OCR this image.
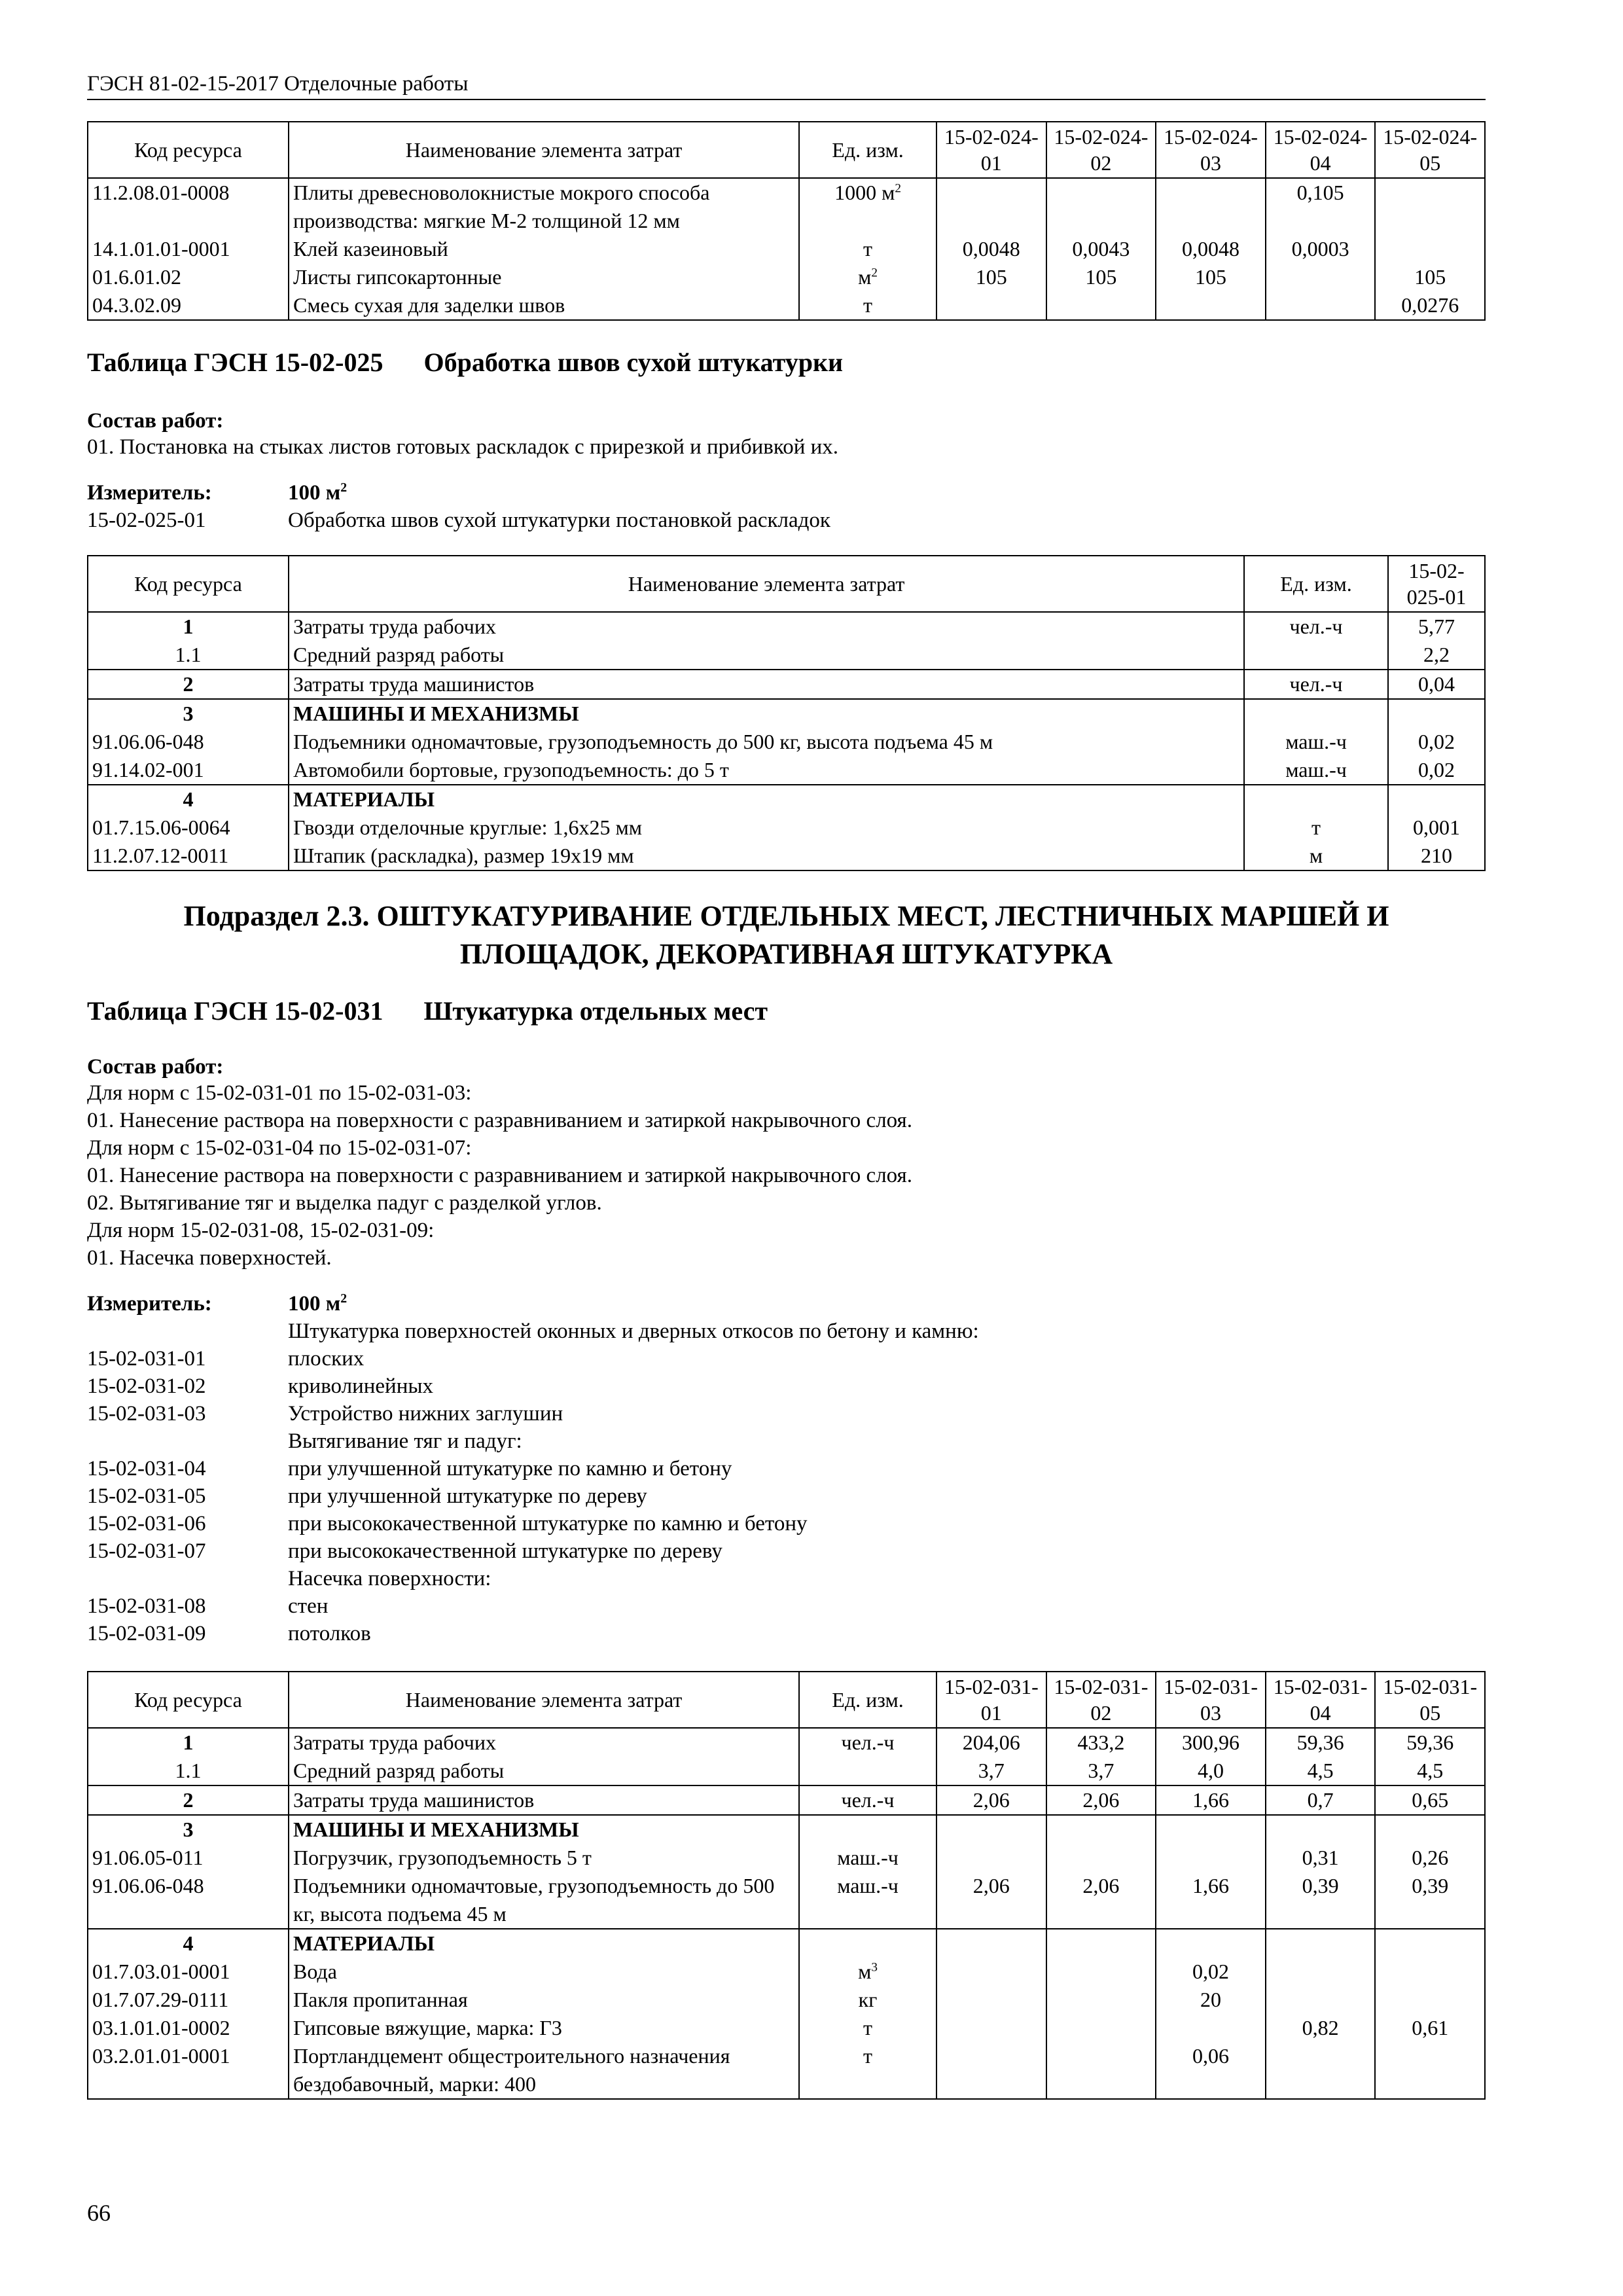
ГЭСН 81-02-15-2017 Отделочные работы
Код ресурса	Наименование элемента затрат	Ед. изм.	15-02-024-01	15-02-024-02	15-02-024-03	15-02-024-04	15-02-024-05
11.2.08.01-0008	Плиты древесноволокнистые мокрого способа производства: мягкие М-2 толщиной 12 мм	1000 $м^2$				0,105	
14.1.01.01-0001	Клей казеиновый	т	0,0048	0,0043	0,0048	0,0003	
01.6.01.02	Листы гипсокартонные	$м^2$	105	105	105		105
04.3.02.09	Смесь сухая для заделки швов	т					0,0276
Таблица ГЭСН 15-02-025 Обработка швов сухой штукатурки
Состав работ:
01. Постановка на стыках листов готовых раскладок с прирезкой и прибивкой их.
Измеритель:	100 $м^2$
15-02-025-01	Обработка швов сухой штукатурки постановкой раскладок
Код ресурса	Наименование элемента затрат	Ед. изм.	15-02-025-01
1	Затраты труда рабочих	чел.-ч	5,77
1.1	Средний разряд работы		2,2
2	Затраты труда машинистов	чел.-ч	0,04
3	МАШИНЫ И МЕХАНИЗМЫ		
91.06.06-048	Подъемники одномачтовые, грузоподъемность до 500 кг, высота подъема 45 м	маш.-ч	0,02
91.14.02-001	Автомобили бортовые, грузоподъемность: до 5 т	маш.-ч	0,02
4	МАТЕРИАЛЫ		
01.7.15.06-0064	Гвозди отделочные круглые: 1,6х25 мм	т	0,001
11.2.07.12-0011	Штапик (раскладка), размер 19х19 мм	м	210
Подраздел 2.3. ОШТУКАТУРИВАНИЕ ОТДЕЛЬНЫХ МЕСТ, ЛЕСТНИЧНЫХ МАРШЕЙ И ПЛОЩАДОК, ДЕКОРАТИВНАЯ ШТУКАТУРКА
Таблица ГЭСН 15-02-031 Штукатурка отдельных мест
Состав работ:
Для норм с 15-02-031-01 по 15-02-031-03:
01. Нанесение раствора на поверхности с разравниванием и затиркой накрывочного слоя.
Для норм с 15-02-031-04 по 15-02-031-07:
01. Нанесение раствора на поверхности с разравниванием и затиркой накрывочного слоя.
02. Вытягивание тяг и выделка падуг с разделкой углов.
Для норм 15-02-031-08, 15-02-031-09:
01. Насечка поверхностей.
Измеритель:	100 $м^2$
Штукатурка поверхностей оконных и дверных откосов по бетону и камню:
15-02-031-01	плоских
15-02-031-02	криволинейных
15-02-031-03	Устройство нижних заглушин
Вытягивание тяг и падуг:
15-02-031-04	при улучшенной штукатурке по камню и бетону
15-02-031-05	при улучшенной штукатурке по дереву
15-02-031-06	при высококачественной штукатурке по камню и бетону
15-02-031-07	при высококачественной штукатурке по дереву
Насечка поверхности:
15-02-031-08	стен
15-02-031-09	потолков
Код ресурса	Наименование элемента затрат	Ед. изм.	15-02-031-01	15-02-031-02	15-02-031-03	15-02-031-04	15-02-031-05
1	Затраты труда рабочих	чел.-ч	204,06	433,2	300,96	59,36	59,36
1.1	Средний разряд работы		3,7	3,7	4,0	4,5	4,5
2	Затраты труда машинистов	чел.-ч	2,06	2,06	1,66	0,7	0,65
3	МАШИНЫ И МЕХАНИЗМЫ						
91.06.05-011	Погрузчик, грузоподъемность 5 т	маш.-ч				0,31	0,26
91.06.06-048	Подъемники одномачтовые, грузоподъемность до 500 кг, высота подъема 45 м	маш.-ч	2,06	2,06	1,66	0,39	0,39
4	МАТЕРИАЛЫ						
01.7.03.01-0001	Вода	$м^3$			0,02		
01.7.07.29-0111	Пакля пропитанная	кг			20		
03.1.01.01-0002	Гипсовые вяжущие, марка: Г3	т				0,82	0,61
03.2.01.01-0001	Портландцемент общестроительного назначения бездобавочный, марки: 400	т			0,06		
66
